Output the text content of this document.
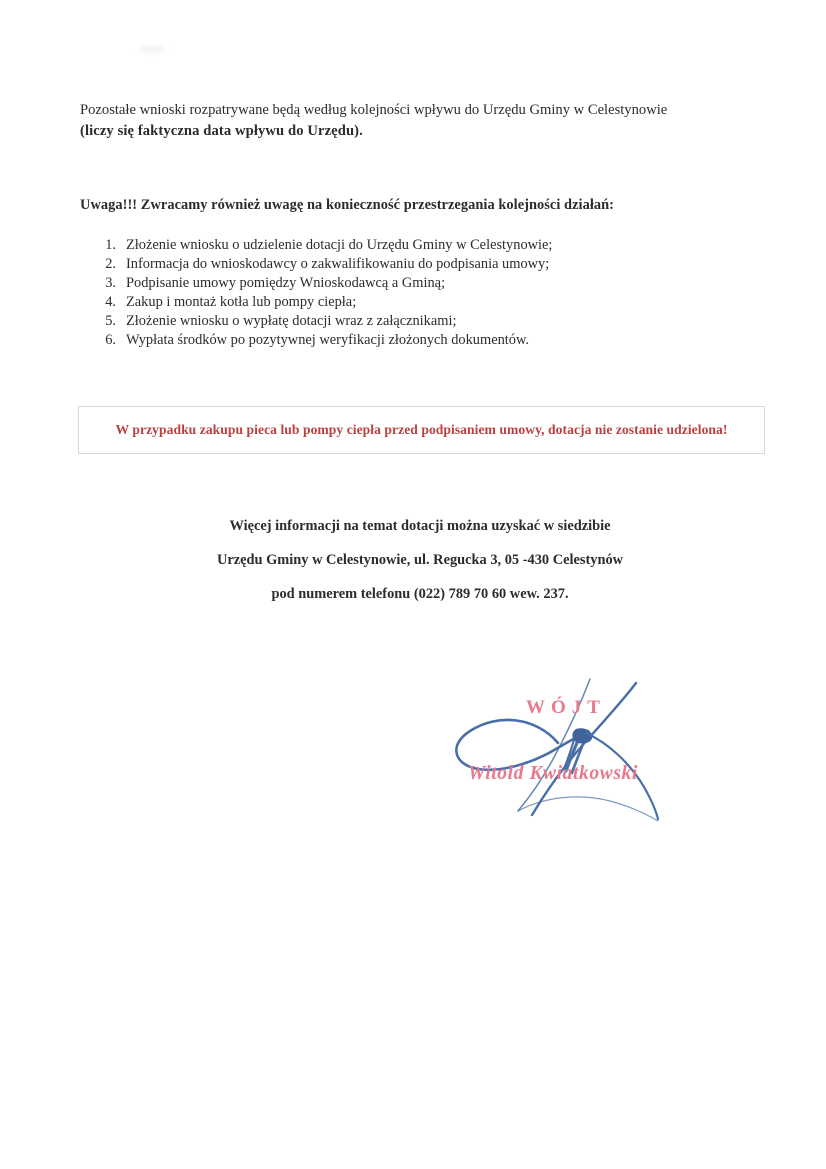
Pozostałe wnioski rozpatrywane będą według kolejności wpływu do Urzędu Gminy w Celestynowie
(liczy się faktyczna data wpływu do Urzędu).
Uwaga!!! Zwracamy również uwagę na konieczność przestrzegania kolejności działań:
1. Złożenie wniosku o udzielenie dotacji do Urzędu Gminy w Celestynowie;
2. Informacja do wnioskodawcy o zakwalifikowaniu do podpisania umowy;
3. Podpisanie umowy pomiędzy Wnioskodawcą a Gminą;
4. Zakup i montaż kotła lub pompy ciepła;
5. Złożenie wniosku o wypłatę dotacji wraz z załącznikami;
6. Wypłata środków po pozytywnej weryfikacji złożonych dokumentów.
W przypadku zakupu pieca lub pompy ciepła przed podpisaniem umowy, dotacja nie zostanie udzielona!
Więcej informacji na temat dotacji można uzyskać w siedzibie
Urzędu Gminy w Celestynowie, ul. Regucka 3, 05 -430 Celestynów
pod numerem telefonu (022) 789 70 60 wew. 237.
WÓJT
Witold Kwiatkowski
